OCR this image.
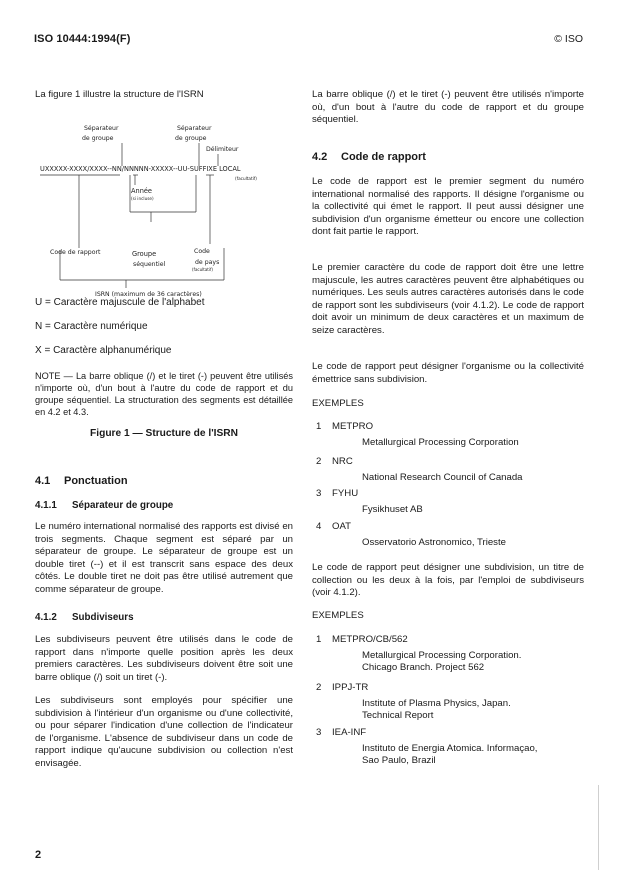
ISO 10444:1994(F)	© ISO

La figure 1 illustre la structure de l'ISRN

Séparateur
de groupe
Séparateur
de groupe
Délimiteur
UXXXXX-XXXX/XXXX--NN/NNNNN-XXXXX--UU-SUFFIXE LOCAL
(facultatif)
Année
(si incluse)
Code de rapport	Groupe
séquentiel
Code
de pays
(facultatif)
ISRN (maximum de 36 caractères)
U = Caractère majuscule de l'alphabet
N = Caractère numérique
X = Caractère alphanumérique

NOTE — La barre oblique (/) et le tiret (-) peuvent être utilisés n'importe où, d'un bout à l'autre du code de rapport et du groupe séquentiel. La structuration des segments est détaillée en 4.2 et 4.3.

Figure 1 — Structure de l'ISRN
4.1 Ponctuation
4.1.1 Séparateur de groupe

Le numéro international normalisé des rapports est divisé en trois segments. Chaque segment est séparé par un séparateur de groupe. Le séparateur de groupe est un double tiret (--) et il est transcrit sans espace des deux côtés. Le double tiret ne doit pas être utilisé autrement que comme séparateur de groupe.

4.1.2 Subdiviseurs

Les subdiviseurs peuvent être utilisés dans le code de rapport dans n'importe quelle position après les deux premiers caractères. Les subdiviseurs doivent être soit une barre oblique (/) soit un tiret (-).

Les subdiviseurs sont employés pour spécifier une subdivision à l'intérieur d'un organisme ou d'une collectivité, ou pour séparer l'indication d'une collection de l'indicateur de l'organisme. L'absence de subdiviseur dans un code de rapport indique qu'aucune subdivision ou collection n'est envisagée.

La barre oblique (/) et le tiret (-) peuvent être utilisés n'importe où, d'un bout à l'autre du code de rapport et du groupe séquentiel.

4.2 Code de rapport

Le code de rapport est le premier segment du numéro international normalisé des rapports. Il désigne l'organisme ou la collectivité qui émet le rapport. Il peut aussi désigner une subdivision d'un organisme émetteur ou encore une collection dont fait partie le rapport.

Le premier caractère du code de rapport doit être une lettre majuscule, les autres caractères peuvent être alphabétiques ou numériques. Les seuls autres caractères autorisés dans le code de rapport sont les subdiviseurs (voir 4.1.2). Le code de rapport doit avoir un minimum de deux caractères et un maximum de seize caractères.

Le code de rapport peut désigner l'organisme ou la collectivité émettrice sans subdivision.

EXEMPLES
1 METPRO
Metallurgical Processing Corporation
2 NRC
National Research Council of Canada
3 FYHU
Fysikhuset AB
4 OAT
Osservatorio Astronomico, Trieste

Le code de rapport peut désigner une subdivision, un titre de collection ou les deux à la fois, par l'emploi de subdiviseurs (voir 4.1.2).

EXEMPLES
1 METPRO/CB/562
Metallurgical Processing Corporation.
Chicago Branch. Project 562
2 IPPJ-TR
Institute of Plasma Physics, Japan.
Technical Report
3 IEA-INF
Instituto de Energia Atomica. Informaçao,
Sao Paulo, Brazil
2
